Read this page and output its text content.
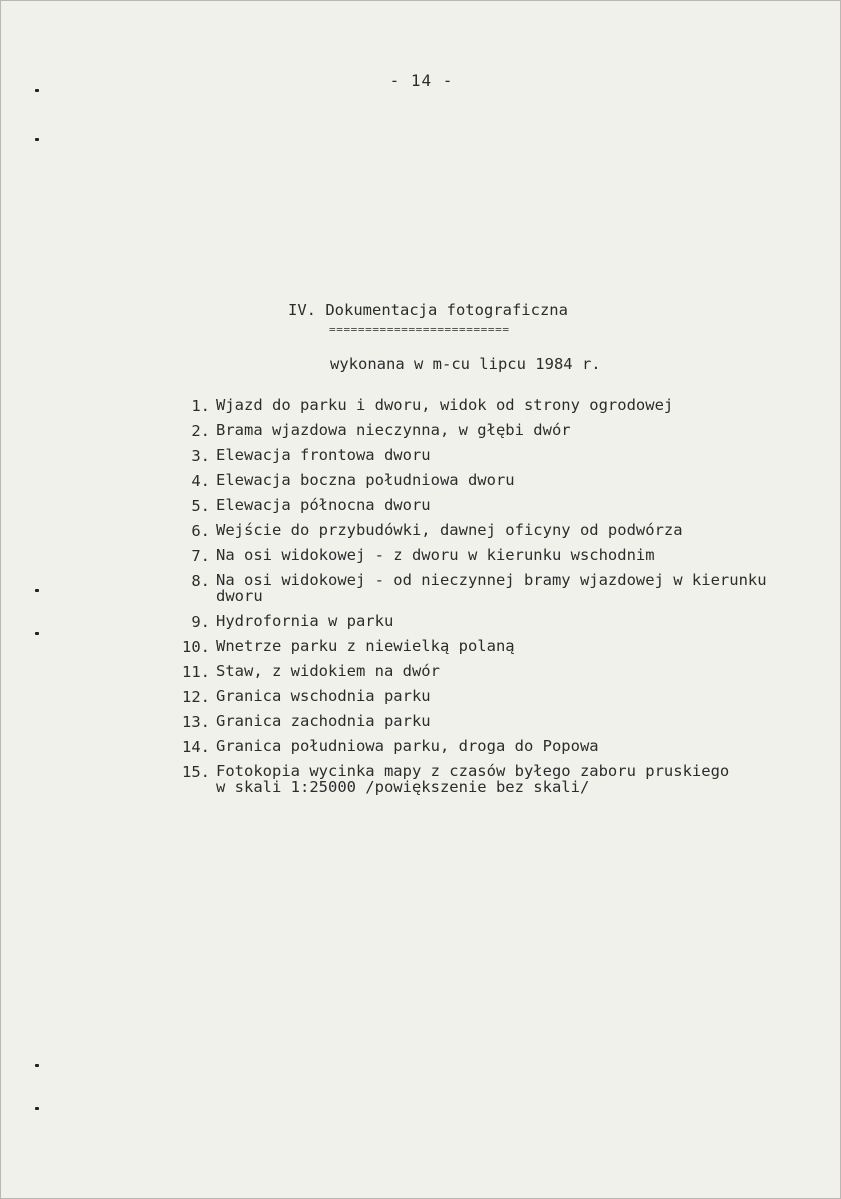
- 14 -
IV. Dokumentacja fotograficzna
=========================
wykonana w m-cu lipcu 1984 r.
1. Wjazd do parku i dworu, widok od strony ogrodowej
2. Brama wjazdowa nieczynna, w głębi dwór
3. Elewacja frontowa dworu
4. Elewacja boczna południowa dworu
5. Elewacja północna dworu
6. Wejście do przybudówki, dawnej oficyny od podwórza
7. Na osi widokowej - z dworu w kierunku wschodnim
8. Na osi widokowej - od nieczynnej bramy wjazdowej w kierunku
dworu
9. Hydrofornia w parku
10. Wnetrze parku z niewielką polaną
11. Staw, z widokiem na dwór
12. Granica wschodnia parku
13. Granica zachodnia parku
14. Granica południowa parku, droga do Popowa
15. Fotokopia wycinka mapy z czasów byłego zaboru pruskiego
w skali 1:25000 /powiększenie bez skali/
